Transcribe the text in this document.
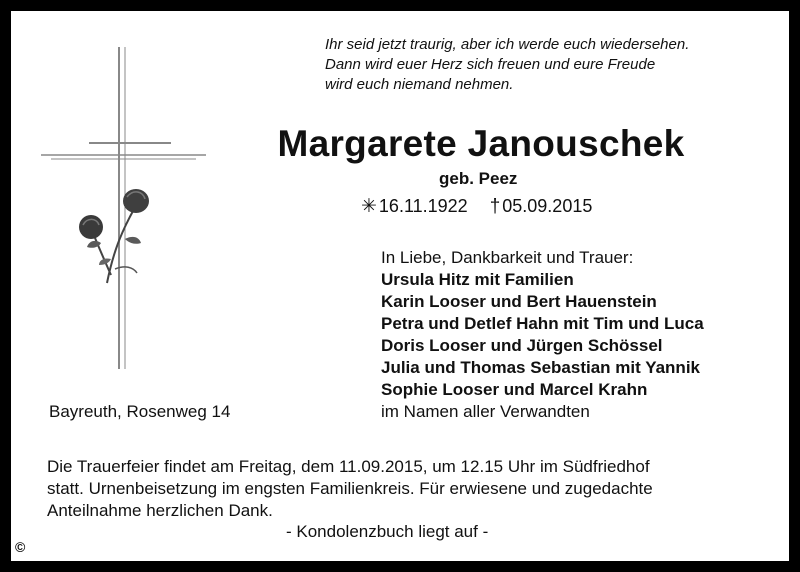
Ihr seid jetzt traurig, aber ich werde euch wiedersehen.
Dann wird euer Herz sich freuen und eure Freude
wird euch niemand nehmen.
Margarete Janouschek
geb. Peez
✳ 16.11.1922 † 05.09.2015
In Liebe, Dankbarkeit und Trauer:
Ursula Hitz mit Familien
Karin Looser und Bert Hauenstein
Petra und Detlef Hahn mit Tim und Luca
Doris Looser und Jürgen Schössel
Julia und Thomas Sebastian mit Yannik
Sophie Looser und Marcel Krahn
im Namen aller Verwandten
Bayreuth, Rosenweg 14
Die Trauerfeier findet am Freitag, dem 11.09.2015, um 12.15 Uhr im Südfriedhof
statt. Urnenbeisetzung im engsten Familienkreis. Für erwiesene und zugedachte
Anteilnahme herzlichen Dank.
- Kondolenzbuch liegt auf -
©
